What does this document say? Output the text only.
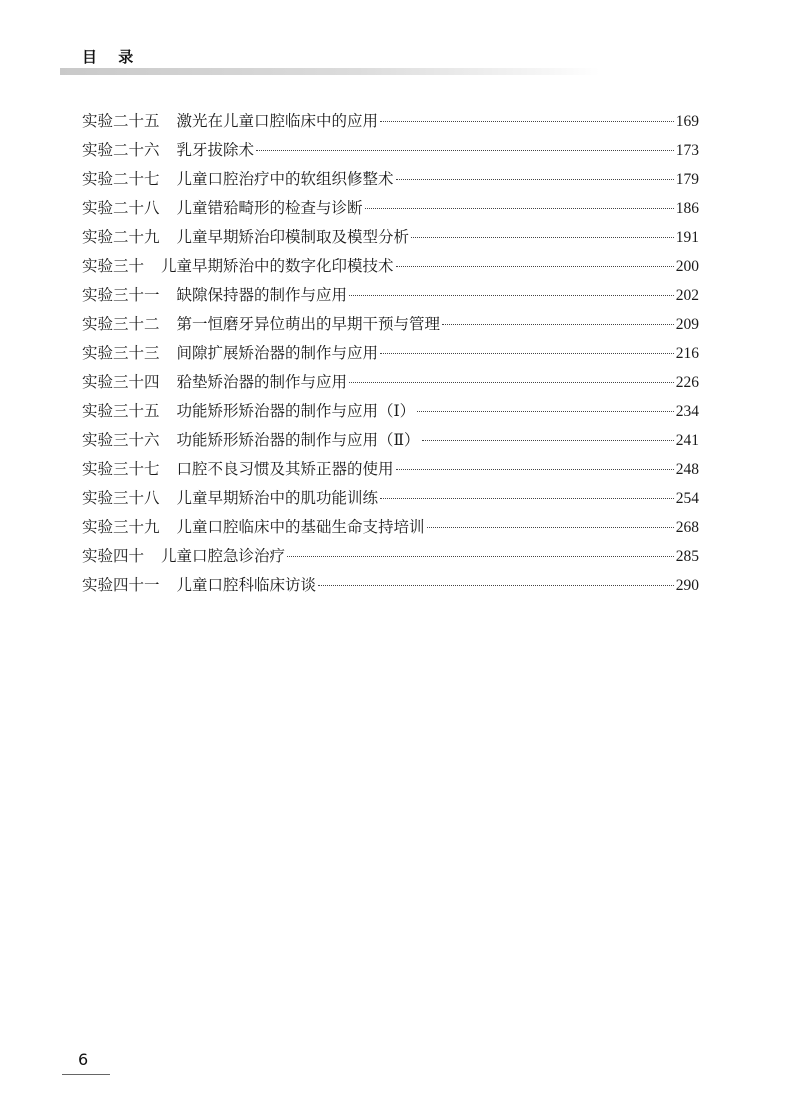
目 录
实验二十五	激光在儿童口腔临床中的应用	169
实验二十六	乳牙拔除术	173
实验二十七	儿童口腔治疗中的软组织修整术	179
实验二十八	儿童错𬌗畸形的检查与诊断	186
实验二十九	儿童早期矫治印模制取及模型分析	191
实验三十	儿童早期矫治中的数字化印模技术	200
实验三十一	缺隙保持器的制作与应用	202
实验三十二	第一恒磨牙异位萌出的早期干预与管理	209
实验三十三	间隙扩展矫治器的制作与应用	216
实验三十四	𬌗垫矫治器的制作与应用	226
实验三十五	功能矫形矫治器的制作与应用（Ⅰ）	234
实验三十六	功能矫形矫治器的制作与应用（Ⅱ）	241
实验三十七	口腔不良习惯及其矫正器的使用	248
实验三十八	儿童早期矫治中的肌功能训练	254
实验三十九	儿童口腔临床中的基础生命支持培训	268
实验四十	儿童口腔急诊治疗	285
实验四十一	儿童口腔科临床访谈	290
6
